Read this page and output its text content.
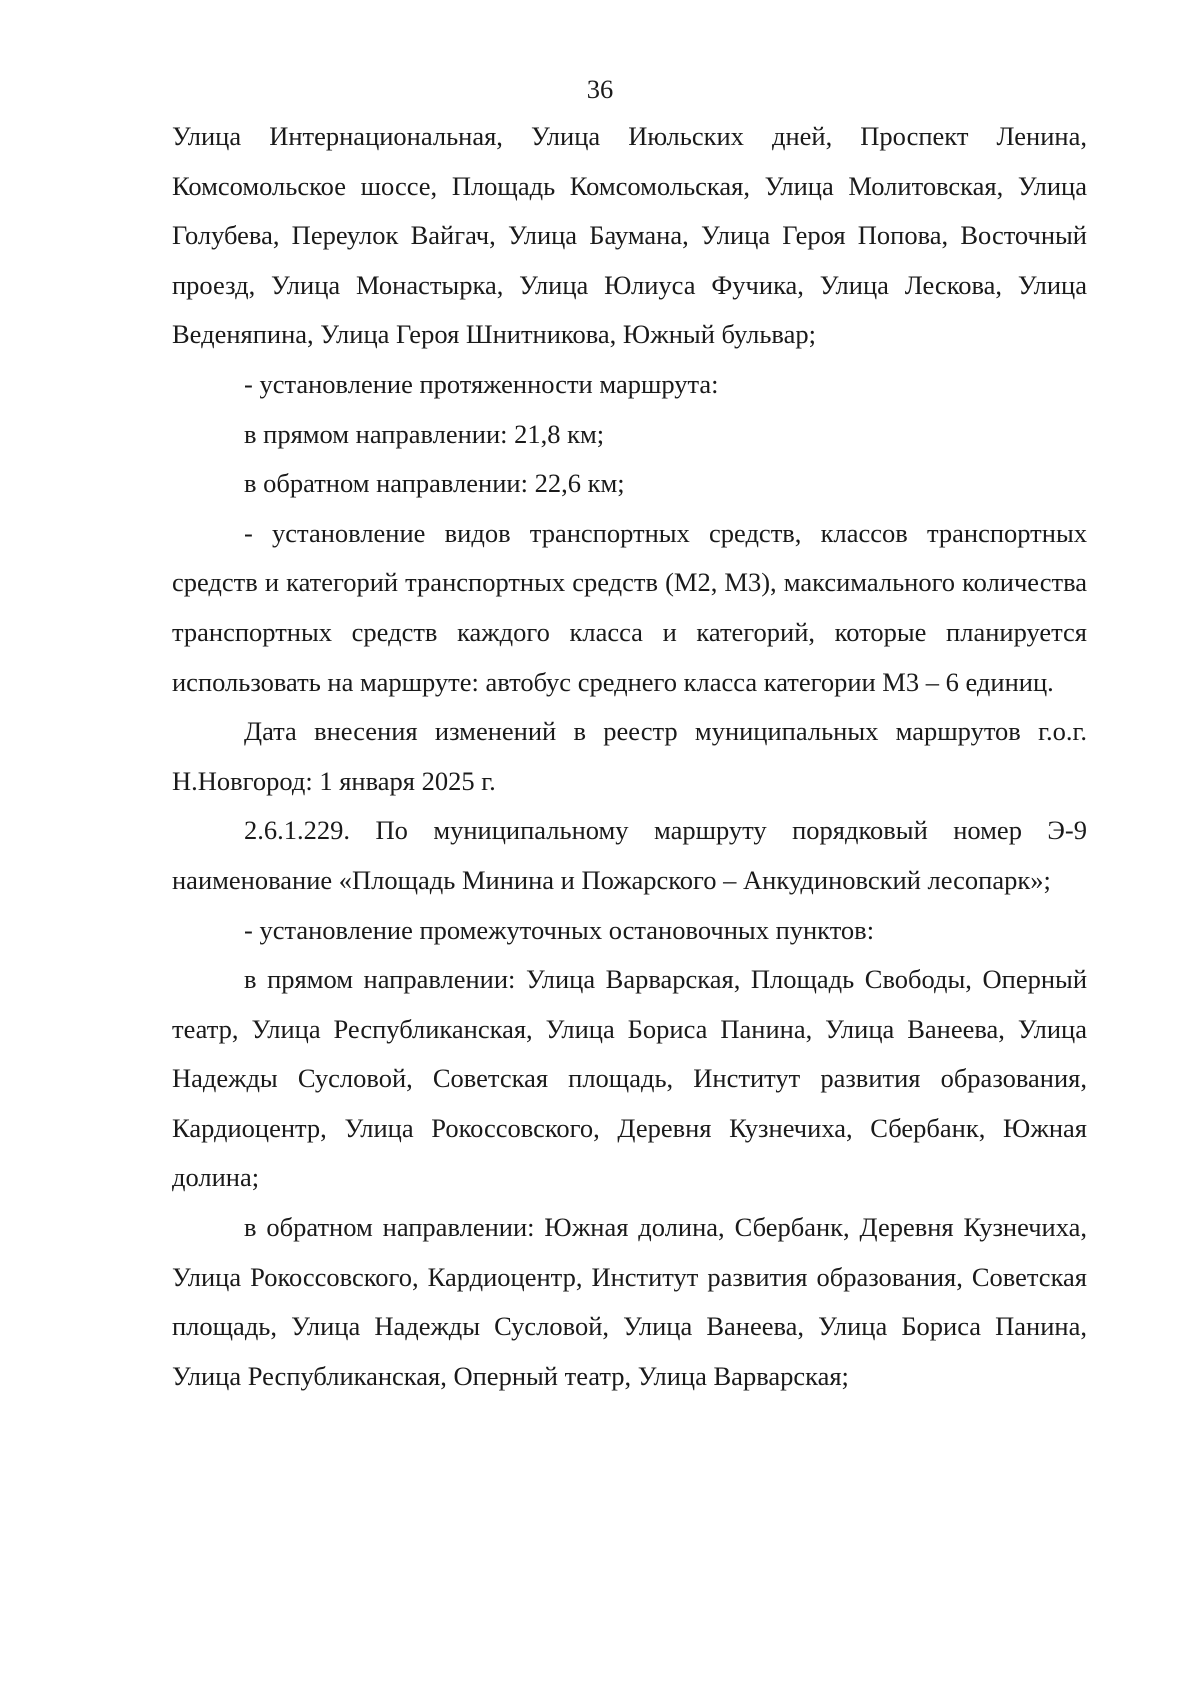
36

Улица Интернациональная, Улица Июльских дней, Проспект Ленина, Комсомольское шоссе, Площадь Комсомольская, Улица Молитовская, Улица Голубева, Переулок Вайгач, Улица Баумана, Улица Героя Попова, Восточный проезд, Улица Монастырка, Улица Юлиуса Фучика, Улица Лескова, Улица Веденяпина, Улица Героя Шнитникова, Южный бульвар;

- установление протяженности маршрута:

в прямом направлении: 21,8 км;

в обратном направлении: 22,6 км;

- установление видов транспортных средств, классов транспортных средств и категорий транспортных средств (М2, М3), максимального количества транспортных средств каждого класса и категорий, которые планируется использовать на маршруте: автобус среднего класса категории М3 – 6 единиц.

Дата внесения изменений в реестр муниципальных маршрутов г.о.г. Н.Новгород: 1 января 2025 г.

2.6.1.229. По муниципальному маршруту порядковый номер Э-9 наименование «Площадь Минина и Пожарского – Анкудиновский лесопарк»;

- установление промежуточных остановочных пунктов:

в прямом направлении: Улица Варварская, Площадь Свободы, Оперный театр, Улица Республиканская, Улица Бориса Панина, Улица Ванеева, Улица Надежды Сусловой, Советская площадь, Институт развития образования, Кардиоцентр, Улица Рокоссовского, Деревня Кузнечиха, Сбербанк, Южная долина;

в обратном направлении: Южная долина, Сбербанк, Деревня Кузнечиха, Улица Рокоссовского, Кардиоцентр, Институт развития образования, Советская площадь, Улица Надежды Сусловой, Улица Ванеева, Улица Бориса Панина, Улица Республиканская, Оперный театр, Улица Варварская;
